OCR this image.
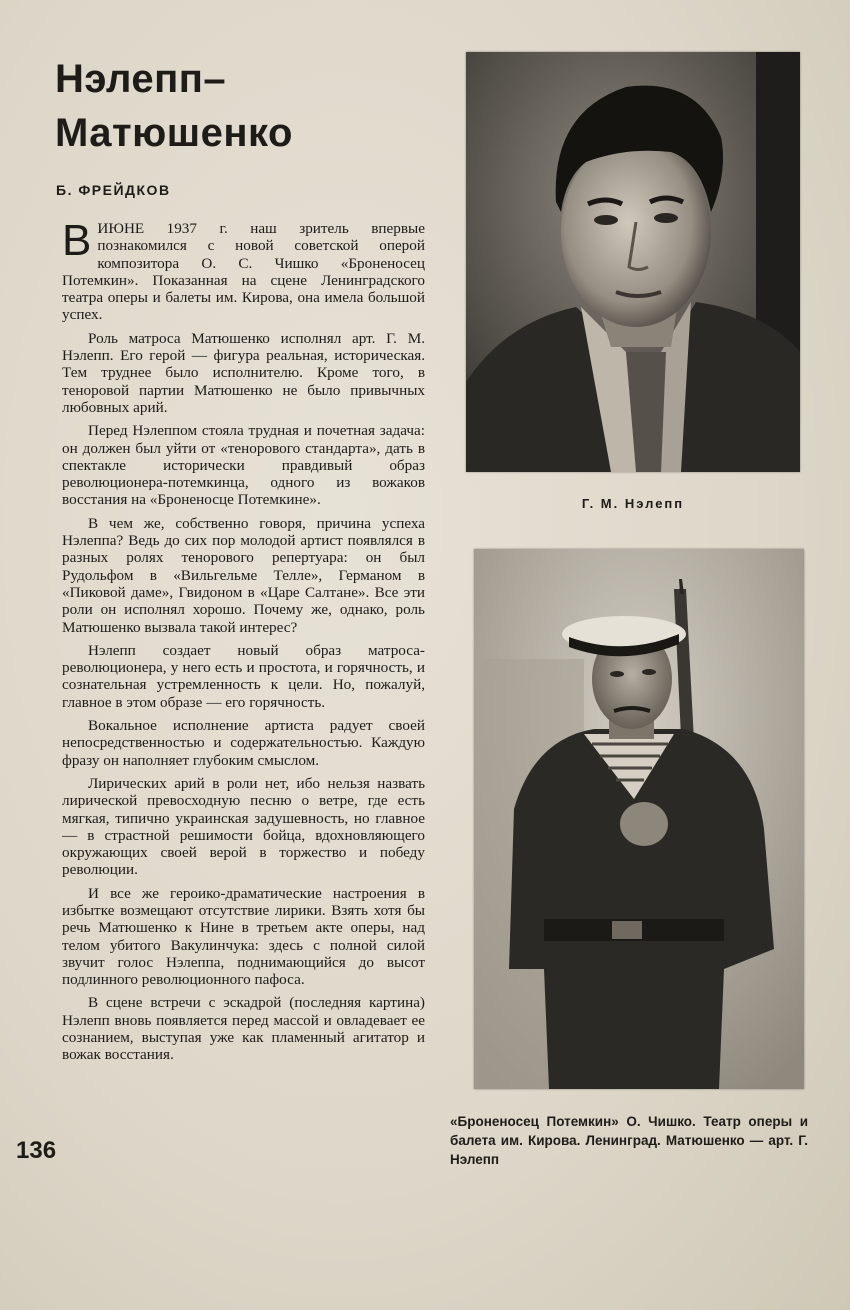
Нэлепп–
Матюшенко
Б. ФРЕЙДКОВ

ВИЮНЕ 1937 г. наш зритель впервые познакомился с новой советской оперой композитора О. С. Чишко «Броненосец Потемкин». Показанная на сцене Ленинградского театра оперы и балеты им. Кирова, она имела большой успех.

Роль матроса Матюшенко исполнял арт. Г. М. Нэлепп. Его герой — фигура реальная, историческая. Тем труднее было исполнителю. Кроме того, в теноровой партии Матюшенко не было привычных любовных арий.

Перед Нэлеппом стояла трудная и почетная задача: он должен был уйти от «тенорового стандарта», дать в спектакле исторически правдивый образ революционера-потемкинца, одного из вожаков восстания на «Броненосце Потемкине».

В чем же, собственно говоря, причина успеха Нэлеппа? Ведь до сих пор молодой артист появлялся в разных ролях тенорового репертуара: он был Рудольфом в «Вильгельме Телле», Германом в «Пиковой даме», Гвидоном в «Царе Салтане». Все эти роли он исполнял хорошо. Почему же, однако, роль Матюшенко вызвала такой интерес?

Нэлепп создает новый образ матроса-революционера, у него есть и простота, и горячность, и сознательная устремленность к цели. Но, пожалуй, главное в этом образе — его горячность.

Вокальное исполнение артиста радует своей непосредственностью и содержательностью. Каждую фразу он наполняет глубоким смыслом.

Лирических арий в роли нет, ибо нельзя назвать лирической превосходную песню о ветре, где есть мягкая, типично украинская задушевность, но главное — в страстной решимости бойца, вдохновляющего окружающих своей верой в торжество и победу революции.

И все же героико-драматические настроения в избытке возмещают отсутствие лирики. Взять хотя бы речь Матюшенко к Нине в третьем акте оперы, над телом убитого Вакулинчука: здесь с полной силой звучит голос Нэлеппа, поднимающийся до высот подлинного революционного пафоса.

В сцене встречи с эскадрой (последняя картина) Нэлепп вновь появляется перед массой и овладевает ее сознанием, выступая уже как пламенный агитатор и вожак восстания.

136
Г. М. Нэлепп
«Броненосец Потемкин» О. Чишко. Театр оперы и балета им. Кирова. Ленинград. Матюшенко — арт. Г. Нэлепп
